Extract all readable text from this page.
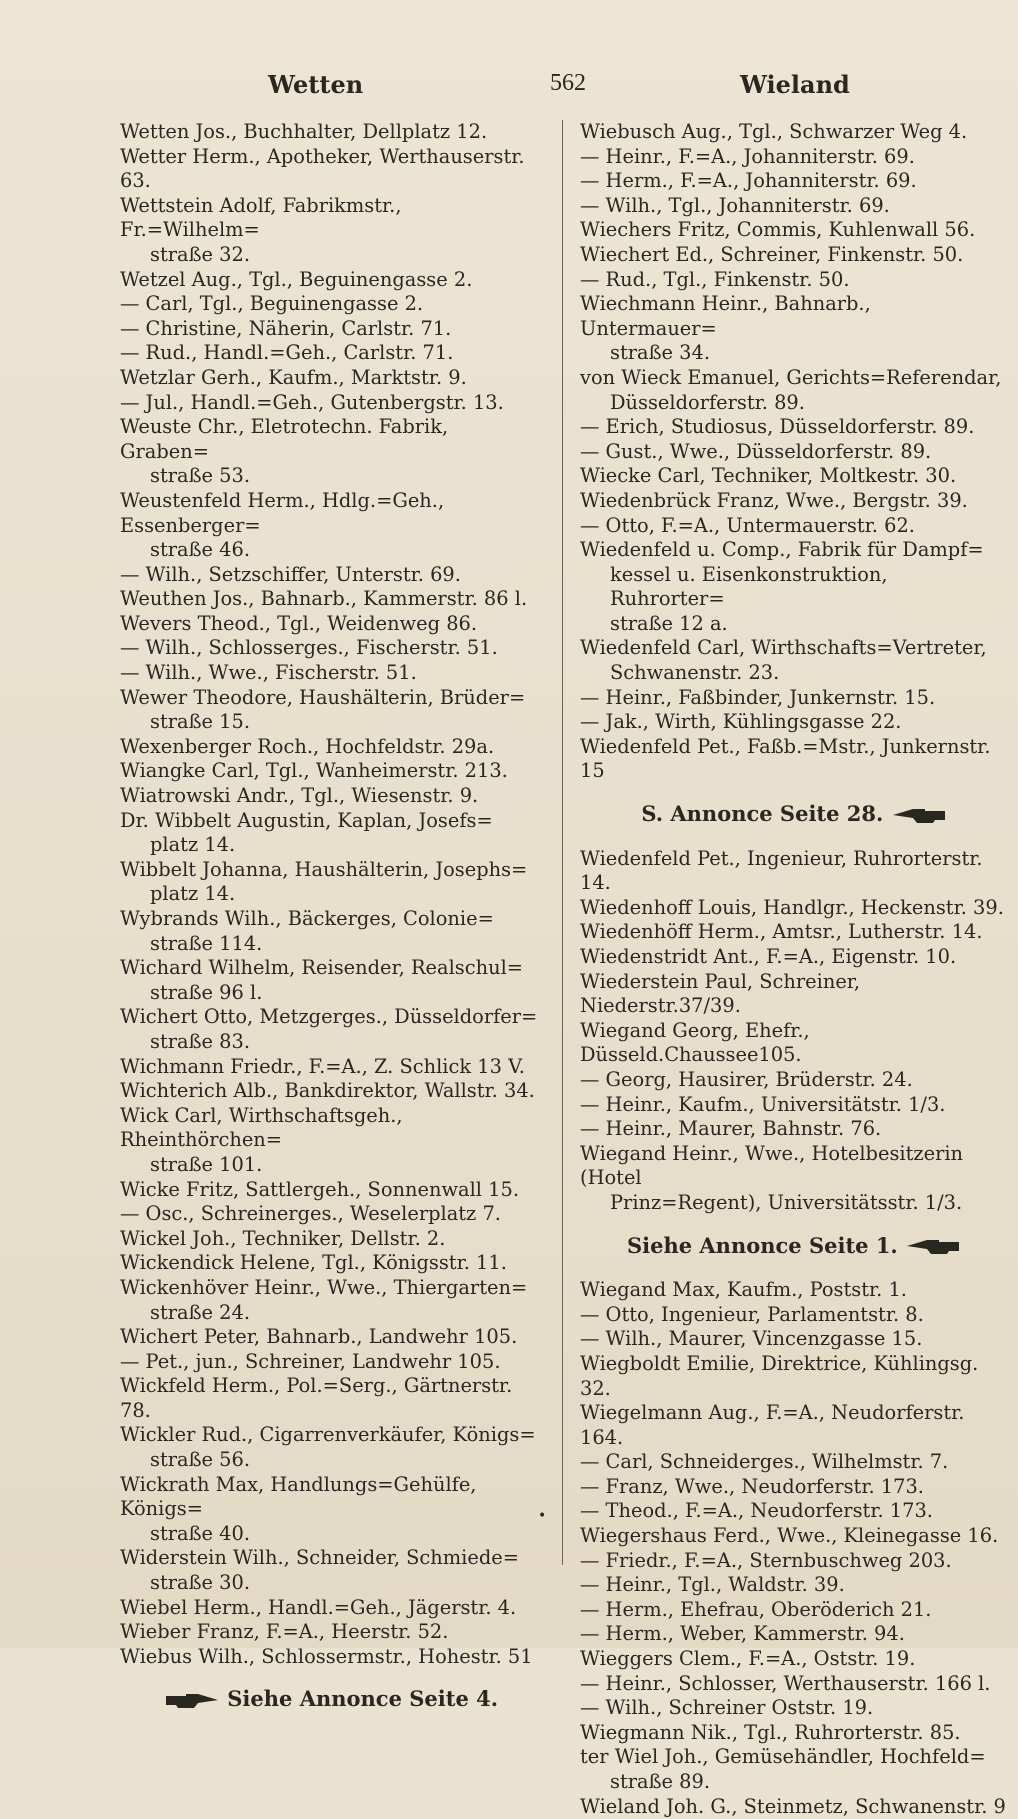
Wetten	562	Wieland
Wetten Jos., Buchhalter, Dellplatz 12.
Wetter Herm., Apotheker, Werthauserstr. 63.
Wettstein Adolf, Fabrikmstr., Fr.=Wilhelm=
straße 32.
Wetzel Aug., Tgl., Beguinengasse 2.
— Carl, Tgl., Beguinengasse 2.
— Christine, Näherin, Carlstr. 71.
— Rud., Handl.=Geh., Carlstr. 71.
Wetzlar Gerh., Kaufm., Marktstr. 9.
— Jul., Handl.=Geh., Gutenbergstr. 13.
Weuste Chr., Eletrotechn. Fabrik, Graben=
straße 53.
Weustenfeld Herm., Hdlg.=Geh., Essenberger=
straße 46.
— Wilh., Setzschiffer, Unterstr. 69.
Weuthen Jos., Bahnarb., Kammerstr. 86 l.
Wevers Theod., Tgl., Weidenweg 86.
— Wilh., Schlosserges., Fischerstr. 51.
— Wilh., Wwe., Fischerstr. 51.
Wewer Theodore, Haushälterin, Brüder=
straße 15.
Wexenberger Roch., Hochfeldstr. 29a.
Wiangke Carl, Tgl., Wanheimerstr. 213.
Wiatrowski Andr., Tgl., Wiesenstr. 9.
Dr. Wibbelt Augustin, Kaplan, Josefs=
platz 14.
Wibbelt Johanna, Haushälterin, Josephs=
platz 14.
Wybrands Wilh., Bäckerges, Colonie=
straße 114.
Wichard Wilhelm, Reisender, Realschul=
straße 96 l.
Wichert Otto, Metzgerges., Düsseldorfer=
straße 83.
Wichmann Friedr., F.=A., Z. Schlick 13 V.
Wichterich Alb., Bankdirektor, Wallstr. 34.
Wick Carl, Wirthschaftsgeh., Rheinthörchen=
straße 101.
Wicke Fritz, Sattlergeh., Sonnenwall 15.
— Osc., Schreinerges., Weselerplatz 7.
Wickel Joh., Techniker, Dellstr. 2.
Wickendick Helene, Tgl., Königsstr. 11.
Wickenhöver Heinr., Wwe., Thiergarten=
straße 24.
Wichert Peter, Bahnarb., Landwehr 105.
— Pet., jun., Schreiner, Landwehr 105.
Wickfeld Herm., Pol.=Serg., Gärtnerstr. 78.
Wickler Rud., Cigarrenverkäufer, Königs=
straße 56.
Wickrath Max, Handlungs=Gehülfe, Königs=
straße 40.
Widerstein Wilh., Schneider, Schmiede=
straße 30.
Wiebel Herm., Handl.=Geh., Jägerstr. 4.
Wieber Franz, F.=A., Heerstr. 52.
Wiebus Wilh., Schlossermstr., Hohestr. 51
Siehe Annonce Seite 4.
Wiebusch Aug., Tgl., Schwarzer Weg 4.
— Heinr., F.=A., Johanniterstr. 69.
— Herm., F.=A., Johanniterstr. 69.
— Wilh., Tgl., Johanniterstr. 69.
Wiechers Fritz, Commis, Kuhlenwall 56.
Wiechert Ed., Schreiner, Finkenstr. 50.
— Rud., Tgl., Finkenstr. 50.
Wiechmann Heinr., Bahnarb., Untermauer=
straße 34.
von Wieck Emanuel, Gerichts=Referendar,
Düsseldorferstr. 89.
— Erich, Studiosus, Düsseldorferstr. 89.
— Gust., Wwe., Düsseldorferstr. 89.
Wiecke Carl, Techniker, Moltkestr. 30.
Wiedenbrück Franz, Wwe., Bergstr. 39.
— Otto, F.=A., Untermauerstr. 62.
Wiedenfeld u. Comp., Fabrik für Dampf=
kessel u. Eisenkonstruktion, Ruhrorter=
straße 12 a.
Wiedenfeld Carl, Wirthschafts=Vertreter,
Schwanenstr. 23.
— Heinr., Faßbinder, Junkernstr. 15.
— Jak., Wirth, Kühlingsgasse 22.
Wiedenfeld Pet., Faßb.=Mstr., Junkernstr. 15
S. Annonce Seite 28.
Wiedenfeld Pet., Ingenieur, Ruhrorterstr. 14.
Wiedenhoff Louis, Handlgr., Heckenstr. 39.
Wiedenhöff Herm., Amtsr., Lutherstr. 14.
Wiedenstridt Ant., F.=A., Eigenstr. 10.
Wiederstein Paul, Schreiner, Niederstr.37/39.
Wiegand Georg, Ehefr., Düsseld.Chaussee105.
— Georg, Hausirer, Brüderstr. 24.
— Heinr., Kaufm., Universitätstr. 1/3.
— Heinr., Maurer, Bahnstr. 76.
Wiegand Heinr., Wwe., Hotelbesitzerin (Hotel
Prinz=Regent), Universitätsstr. 1/3.
Siehe Annonce Seite 1.
Wiegand Max, Kaufm., Poststr. 1.
— Otto, Ingenieur, Parlamentstr. 8.
— Wilh., Maurer, Vincenzgasse 15.
Wiegboldt Emilie, Direktrice, Kühlingsg. 32.
Wiegelmann Aug., F.=A., Neudorferstr. 164.
— Carl, Schneiderges., Wilhelmstr. 7.
— Franz, Wwe., Neudorferstr. 173.
— Theod., F.=A., Neudorferstr. 173.
Wiegershaus Ferd., Wwe., Kleinegasse 16.
— Friedr., F.=A., Sternbuschweg 203.
— Heinr., Tgl., Waldstr. 39.
— Herm., Ehefrau, Oberöderich 21.
— Herm., Weber, Kammerstr. 94.
Wieggers Clem., F.=A., Oststr. 19.
— Heinr., Schlosser, Werthauserstr. 166 l.
— Wilh., Schreiner Oststr. 19.
Wiegmann Nik., Tgl., Ruhrorterstr. 85.
ter Wiel Joh., Gemüsehändler, Hochfeld=
straße 89.
Wieland Joh. G., Steinmetz, Schwanenstr. 9
•
